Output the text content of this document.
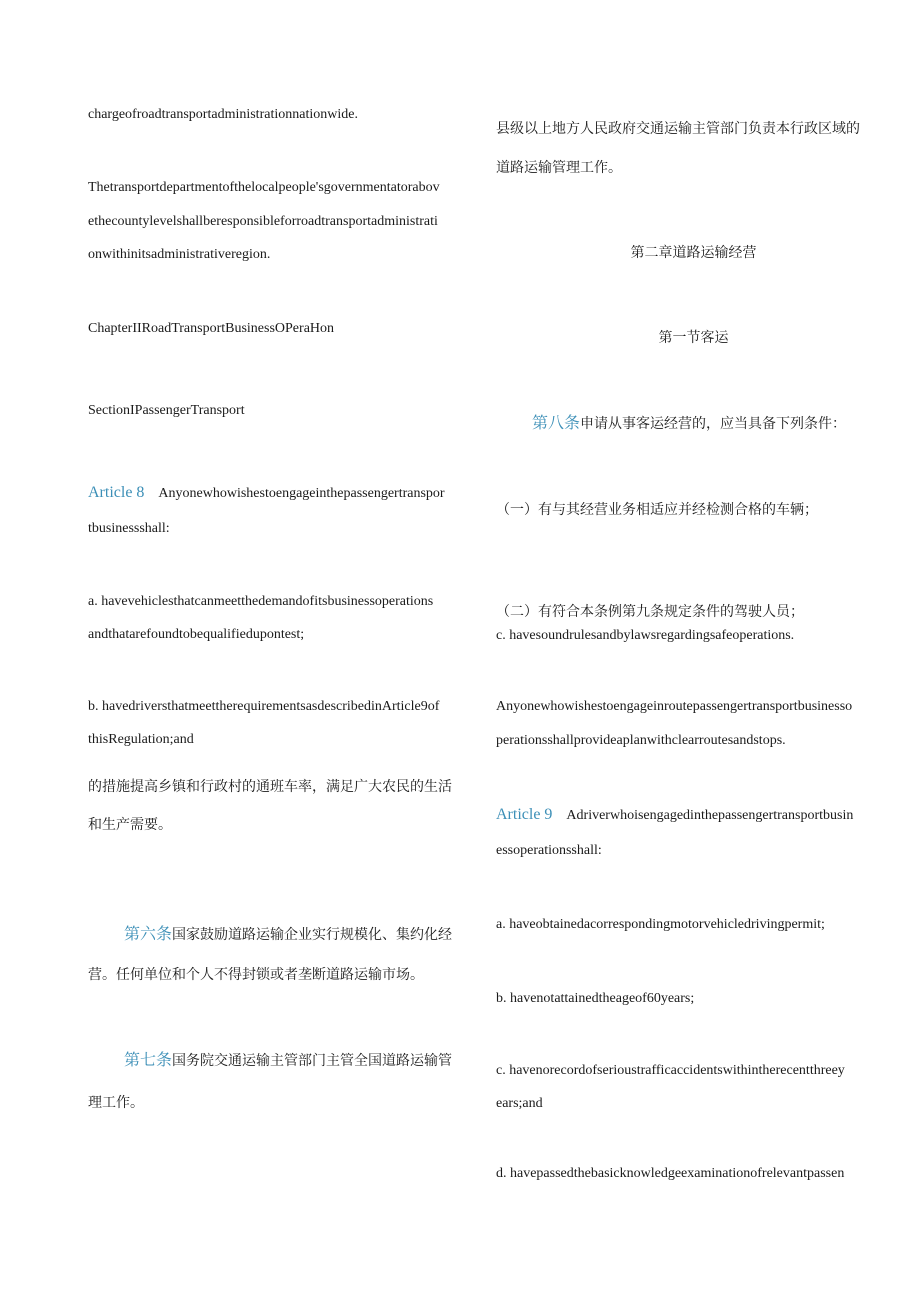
chargeofroadtransportadministrationnationwide.
Thetransportdepartmentofthelocalpeople'sgovernmentatorabov
ethecountylevelshallberesponsibleforroadtransportadministrati
onwithinitsadministrativeregion.
ChapterIIRoadTransportBusinessOPeraHon
SectionIPassengerTransport
Article 8 Anyonewhowishestoengageinthepassengertranspor
tbusinessshall:
a. havevehiclesthatcanmeetthedemandofitsbusinessoperations
andthatarefoundtobequalifiedupontest;
b. havedriversthatmeettherequirementsasdescribedinArticle9of
thisRegulation;and
的措施提高乡镇和行政村的通班车率，满足广大农民的生活
和生产需要。
第六条国家鼓励道路运输企业实行规模化、集约化经
营。任何单位和个人不得封锁或者垄断道路运输市场。
第七条国务院交通运输主管部门主管全国道路运输管
理工作。
县级以上地方人民政府交通运输主管部门负责本行政区域的
道路运输管理工作。
第二章道路运输经营
第一节客运
第八条申请从事客运经营的，应当具备下列条件：
（一）有与其经营业务相适应并经检测合格的车辆；
（二）有符合本条例第九条规定条件的驾驶人员；
c. havesoundrulesandbylawsregardingsafeoperations.
Anyonewhowishestoengageinroutepassengertransportbusinesso
perationsshallprovideaplanwithclearroutesandstops.
Article 9 Adriverwhoisengagedinthepassengertransportbusin
essoperationsshall:
a. haveobtainedacorrespondingmotorvehicledrivingpermit;
b. havenotattainedtheageof60years;
c. havenorecordofserioustrafficaccidentswithintherecentthreey
ears;and
d. havepassedthebasicknowledgeexaminationofrelevantpassen
